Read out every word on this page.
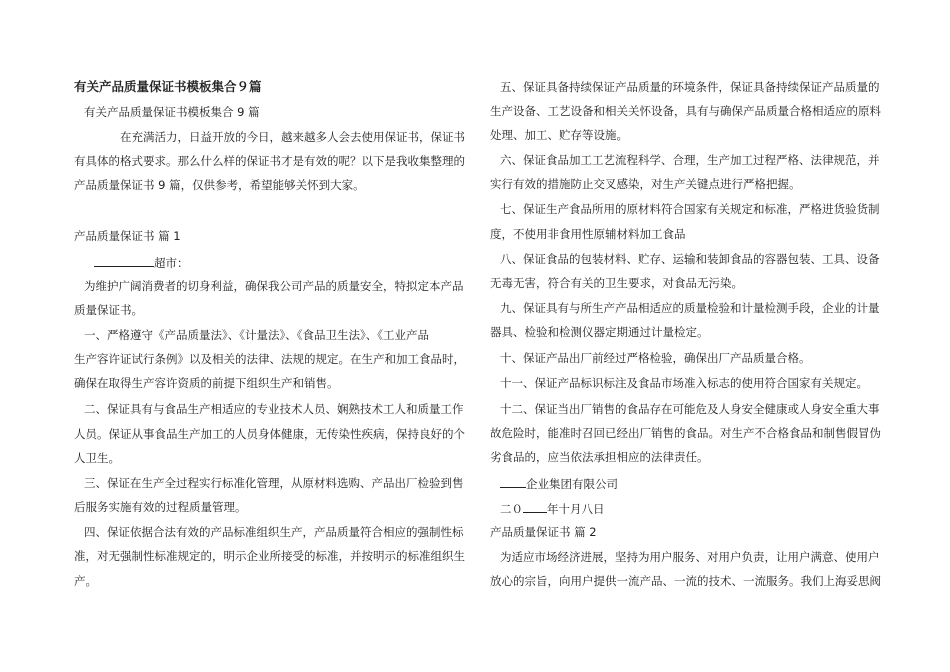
有关产品质量保证书模板集合９篇
有关产品质量保证书模板集合 9 篇
在充满活力，日益开放的今日，越来越多人会去使用保证书，保证书
有具体的格式要求。那么什么样的保证书才是有效的呢？以下是我收集整理的
产品质量保证书 9 篇，仅供参考，希望能够关怀到大家。
产品质量保证书 篇 1
超市：
为维护广阔消费者的切身利益，确保我公司产品的质量安全，特拟定本产品
质量保证书。
一、严格遵守《产品质量法》、《计量法》、《食品卫生法》、《工业产品
生产容许证试行条例》以及相关的法律、法规的规定。在生产和加工食品时，
确保在取得生产容许资质的前提下组织生产和销售。
二、保证具有与食品生产相适应的专业技术人员、娴熟技术工人和质量工作
人员。保证从事食品生产加工的人员身体健康，无传染性疾病，保持良好的个
人卫生。
三、保证在生产全过程实行标准化管理，从原材料选购、产品出厂检验到售
后服务实施有效的过程质量管理。
四、保证依据合法有效的产品标准组织生产，产品质量符合相应的强制性标
准，对无强制性标准规定的，明示企业所接受的标准，并按明示的标准组织生
产。
五、保证具备持续保证产品质量的环境条件，保证具备持续保证产品质量的
生产设备、工艺设备和相关关怀设备，具有与确保产品质量合格相适应的原料
处理、加工、贮存等设施。
六、保证食品加工工艺流程科学、合理，生产加工过程严格、法律规范，并
实行有效的措施防止交叉感染，对生产关键点进行严格把握。
七、保证生产食品所用的原材料符合国家有关规定和标准，严格进货验货制
度，不使用非食用性原辅材料加工食品
八、保证食品的包装材料、贮存、运输和装卸食品的容器包装、工具、设备
无毒无害，符合有关的卫生要求，对食品无污染。
九、保证具有与所生产产品相适应的质量检验和计量检测手段，企业的计量
器具、检验和检测仪器定期通过计量检定。
十、保证产品出厂前经过严格检验，确保出厂产品质量合格。
十一、保证产品标识标注及食品市场准入标志的使用符合国家有关规定。
十二、保证当出厂销售的食品存在可能危及人身安全健康或人身安全重大事
故危险时，能准时召回已经出厂销售的食品。对生产不合格食品和制售假冒伪
劣食品的，应当依法承担相应的法律责任。
企业集团有限公司
二０ 年十月八日
产品质量保证书 篇 2
为适应市场经济进展，坚持为用户服务、对用户负责，让用户满意、使用户
放心的宗旨，向用户提供一流产品、一流的技术、一流服务。我们上海妥思阀
